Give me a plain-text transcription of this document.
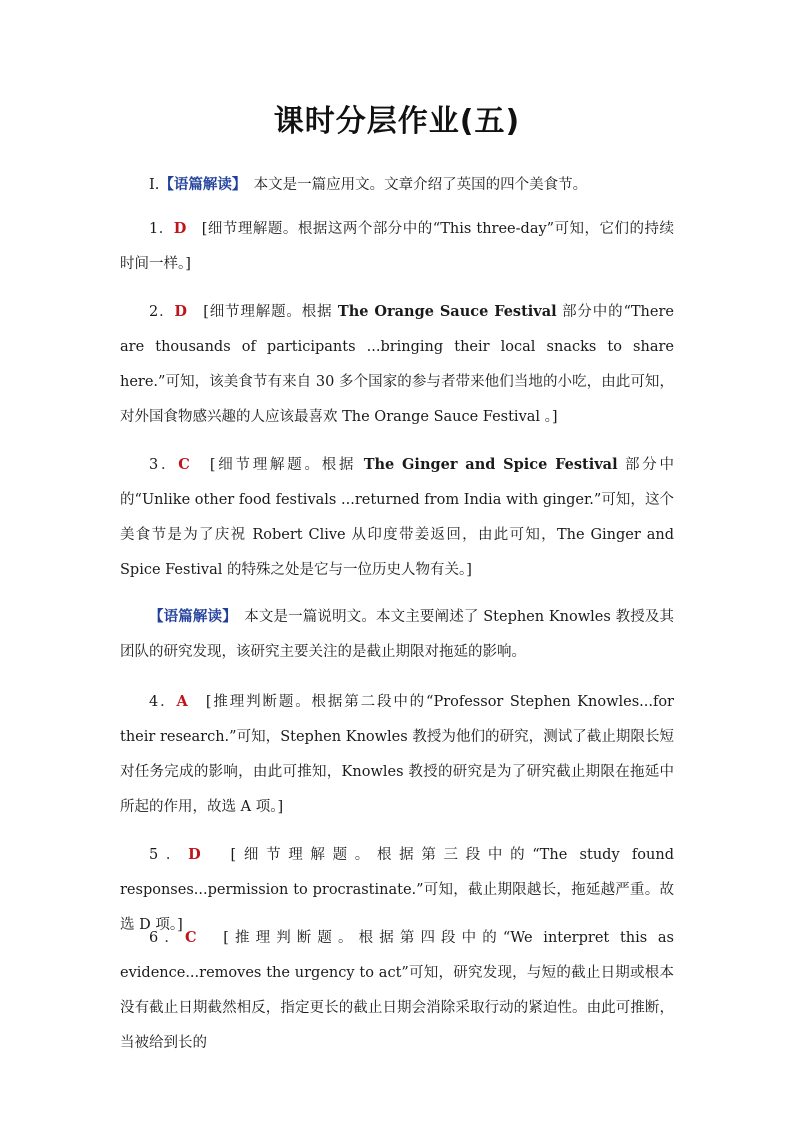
课时分层作业(五)
Ⅰ.【语篇解读】　本文是一篇应用文。文章介绍了英国的四个美食节。
1．D　[细节理解题。根据这两个部分中的“This three-day”可知，它们的持续时间一样。]
2．D　[细节理解题。根据 The Orange Sauce Festival 部分中的“There are thousands of participants ...bringing their local snacks to share here.”可知，该美食节有来自 30 多个国家的参与者带来他们当地的小吃，由此可知，对外国食物感兴趣的人应该最喜欢 The Orange Sauce Festival 。]
3．C　[细节理解题。根据 The Ginger and Spice Festival 部分中的“Unlike other food festivals ...returned from India with ginger.”可知，这个美食节是为了庆祝 Robert Clive 从印度带姜返回，由此可知，The Ginger and Spice Festival 的特殊之处是它与一位历史人物有关。]
【语篇解读】　本文是一篇说明文。本文主要阐述了 Stephen Knowles 教授及其团队的研究发现，该研究主要关注的是截止期限对拖延的影响。
4．A　[推理判断题。根据第二段中的“Professor Stephen Knowles...for their research.”可知，Stephen Knowles 教授为他们的研究，测试了截止期限长短对任务完成的影响，由此可推知，Knowles 教授的研究是为了研究截止期限在拖延中所起的作用，故选 A 项。]
5．D　[细节理解题。根据第三段中的“The study found responses...permission to procrastinate.”可知，截止期限越长，拖延越严重。故选 D 项。]
6．C　[推理判断题。根据第四段中的“We interpret this as evidence...removes the urgency to act”可知，研究发现，与短的截止日期或根本没有截止日期截然相反，指定更长的截止日期会消除采取行动的紧迫性。由此可推断，当被给到长的
